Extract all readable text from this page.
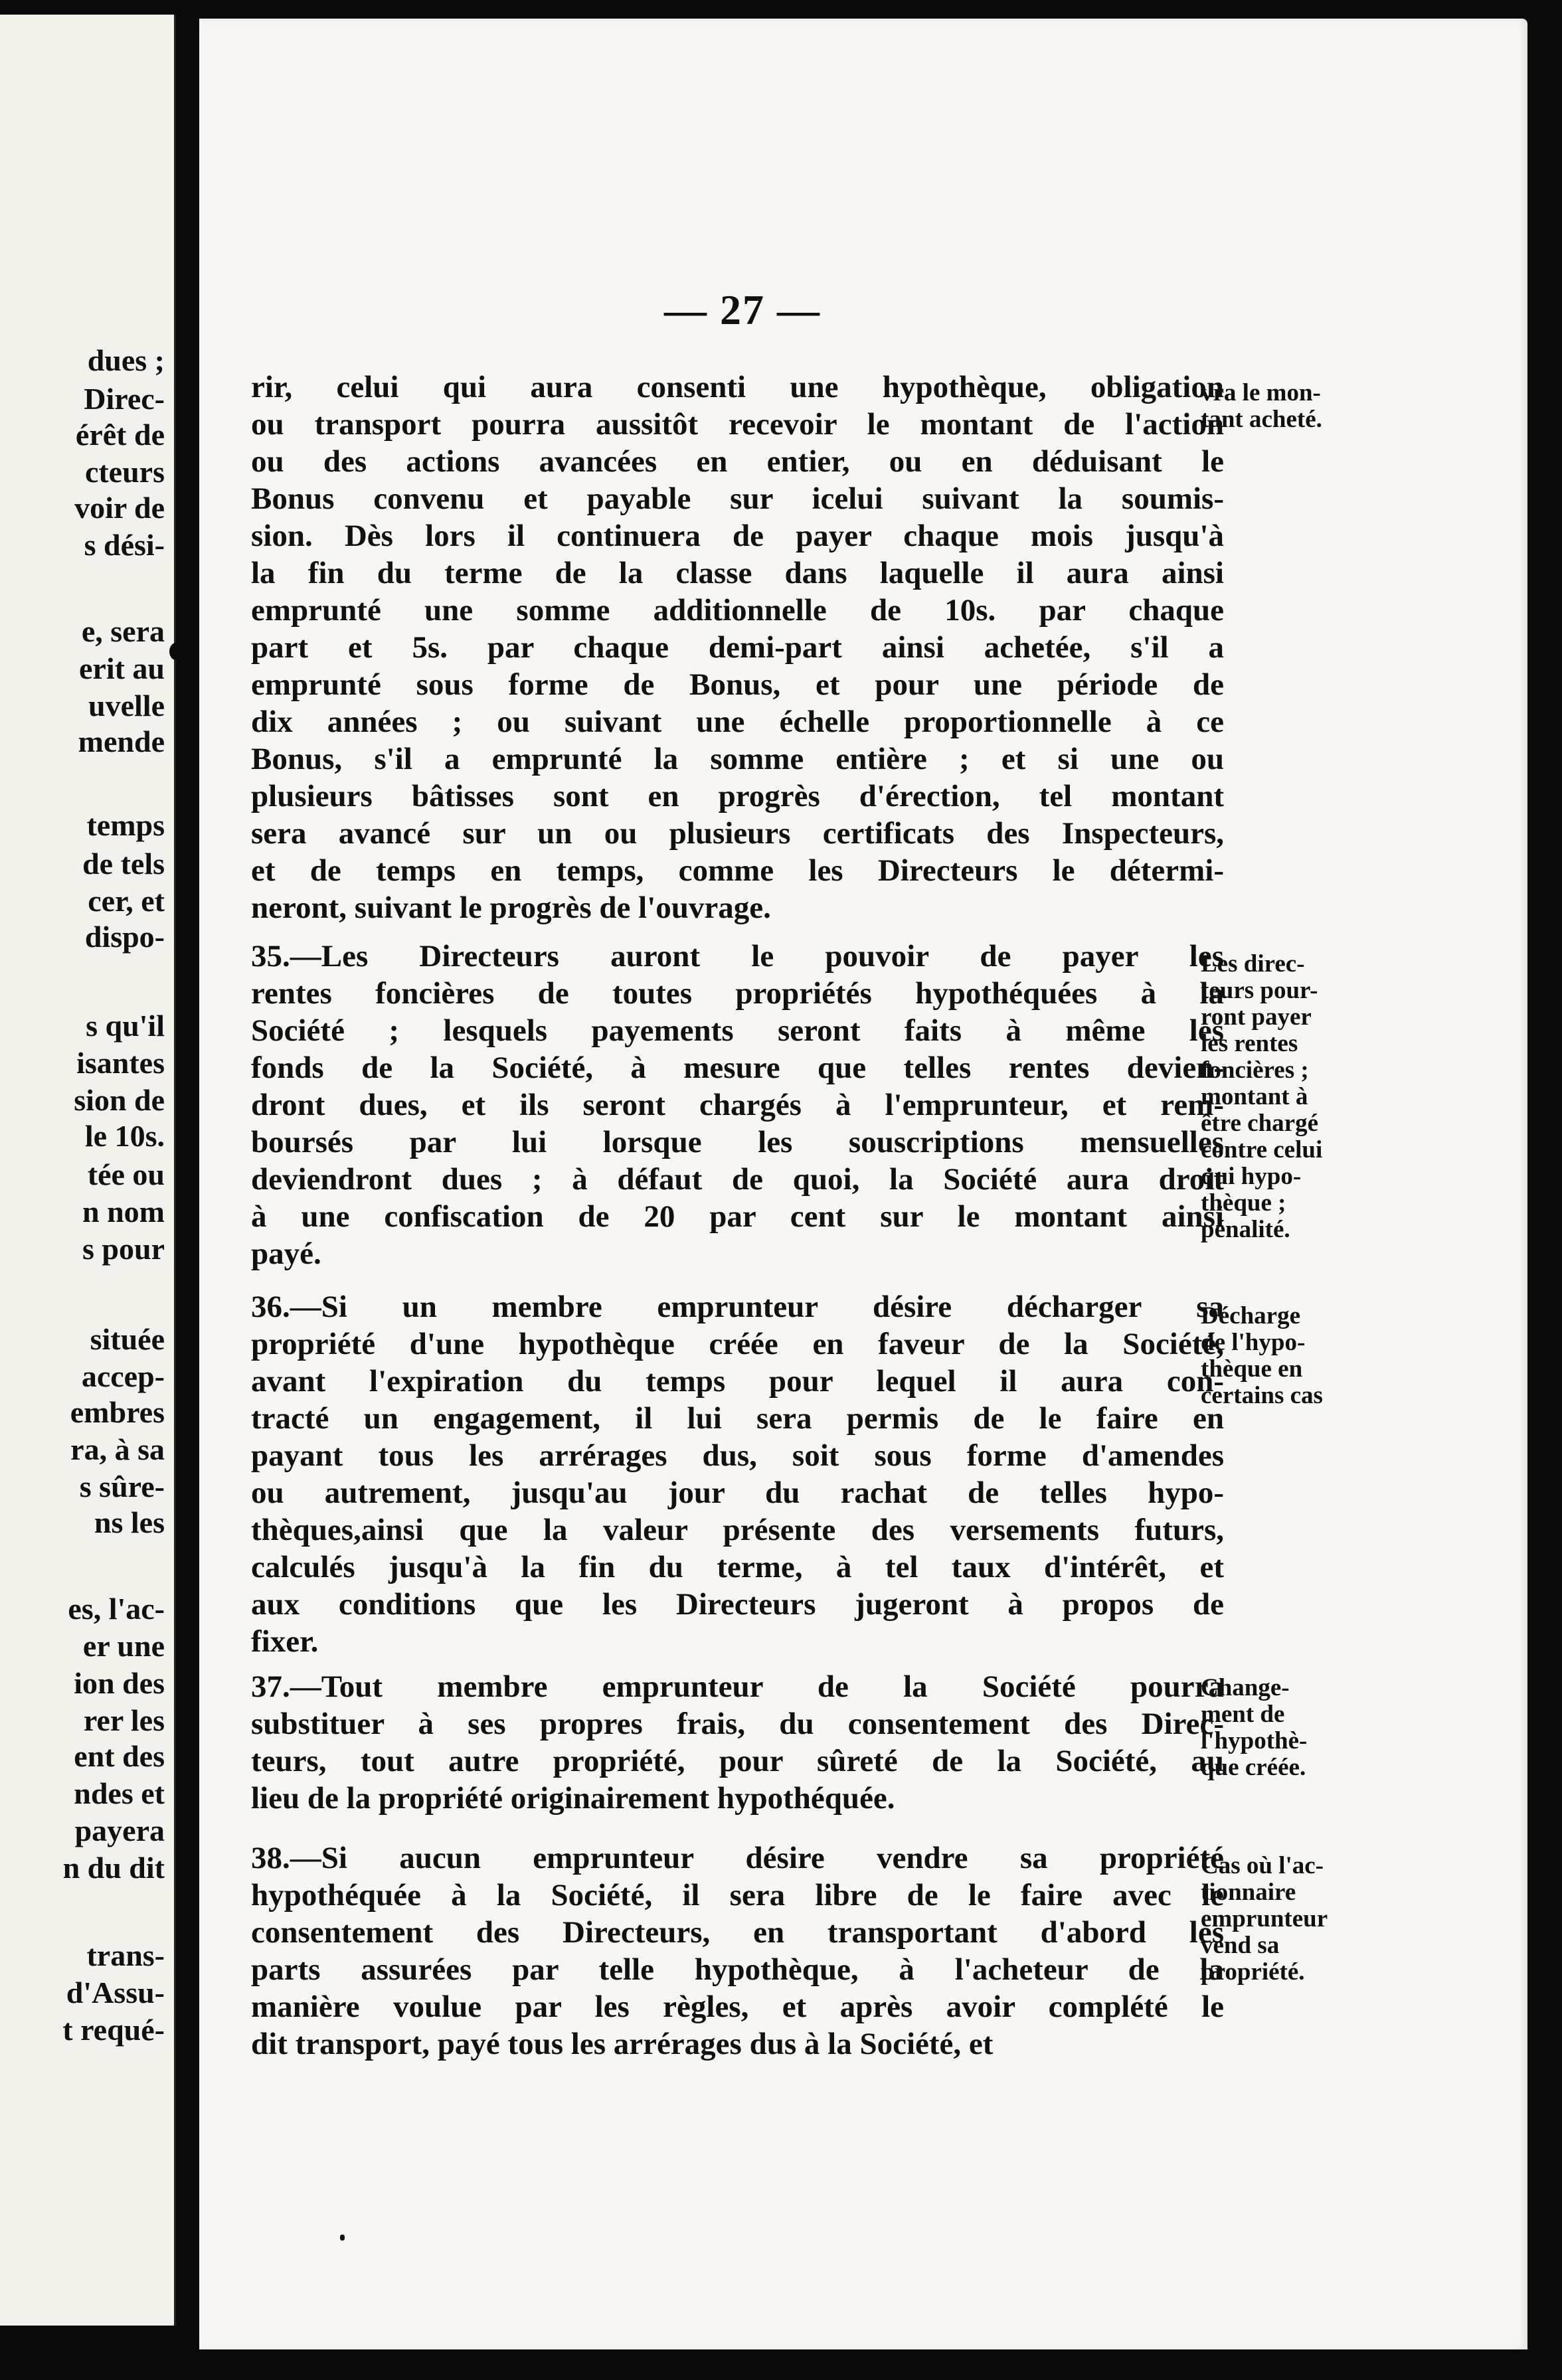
dues ;
Direc-
érêt de
cteurs
voir de
s dési-
e, sera
erit au
uvelle
mende
temps
de tels
cer, et
dispo-
s qu'il
isantes
sion de
le 10s.
tée ou
n nom
s pour
située
accep-
embres
ra, à sa
s sûre-
ns les
es, l'ac-
er une
ion des
rer les
ent des
ndes et
payera
n du dit
trans-
d'Assu-
t requé-
— 27 —
rir, celui qui aura consenti une hypothèque, obligation
ou transport pourra aussitôt recevoir le montant de l'action
ou des actions avancées en entier, ou en déduisant le
Bonus convenu et payable sur icelui suivant la soumis-
sion. Dès lors il continuera de payer chaque mois jusqu'à
la fin du terme de la classe dans laquelle il aura ainsi
emprunté une somme additionnelle de 10s. par chaque
part et 5s. par chaque demi-part ainsi achetée, s'il a
emprunté sous forme de Bonus, et pour une période de
dix années ; ou suivant une échelle proportionnelle à ce
Bonus, s'il a emprunté la somme entière ; et si une ou
plusieurs bâtisses sont en progrès d'érection, tel montant
sera avancé sur un ou plusieurs certificats des Inspecteurs,
et de temps en temps, comme les Directeurs le détermi-
neront, suivant le progrès de l'ouvrage.
35.—Les Directeurs auront le pouvoir de payer les
rentes foncières de toutes propriétés hypothéquées à la
Société ; lesquels payements seront faits à même les
fonds de la Société, à mesure que telles rentes devien-
dront dues, et ils seront chargés à l'emprunteur, et rem-
boursés par lui lorsque les souscriptions mensuelles
deviendront dues ; à défaut de quoi, la Société aura droit
à une confiscation de 20 par cent sur le montant ainsi
payé.
36.—Si un membre emprunteur désire décharger sa
propriété d'une hypothèque créée en faveur de la Société,
avant l'expiration du temps pour lequel il aura con-
tracté un engagement, il lui sera permis de le faire en
payant tous les arrérages dus, soit sous forme d'amendes
ou autrement, jusqu'au jour du rachat de telles hypo-
thèques,ainsi que la valeur présente des versements futurs,
calculés jusqu'à la fin du terme, à tel taux d'intérêt, et
aux conditions que les Directeurs jugeront à propos de
fixer.
37.—Tout membre emprunteur de la Société pourra
substituer à ses propres frais, du consentement des Direc-
teurs, tout autre propriété, pour sûreté de la Société, au
lieu de la propriété originairement hypothéquée.
38.—Si aucun emprunteur désire vendre sa propriété
hypothéquée à la Société, il sera libre de le faire avec le
consentement des Directeurs, en transportant d'abord les
parts assurées par telle hypothèque, à l'acheteur de la
manière voulue par les règles, et après avoir complété le
dit transport, payé tous les arrérages dus à la Société, et
vra le mon-
tant acheté.
Les direc-
teurs pour-
ront payer
les rentes
foncières ;
montant à
être chargé
contre celui
qui hypo-
thèque ;
pénalité.
Décharge
de l'hypo-
thèque en
certains cas
Change-
ment de
l'hypothè-
que créée.
Cas où l'ac-
tionnaire
emprunteur
vend sa
propriété.
